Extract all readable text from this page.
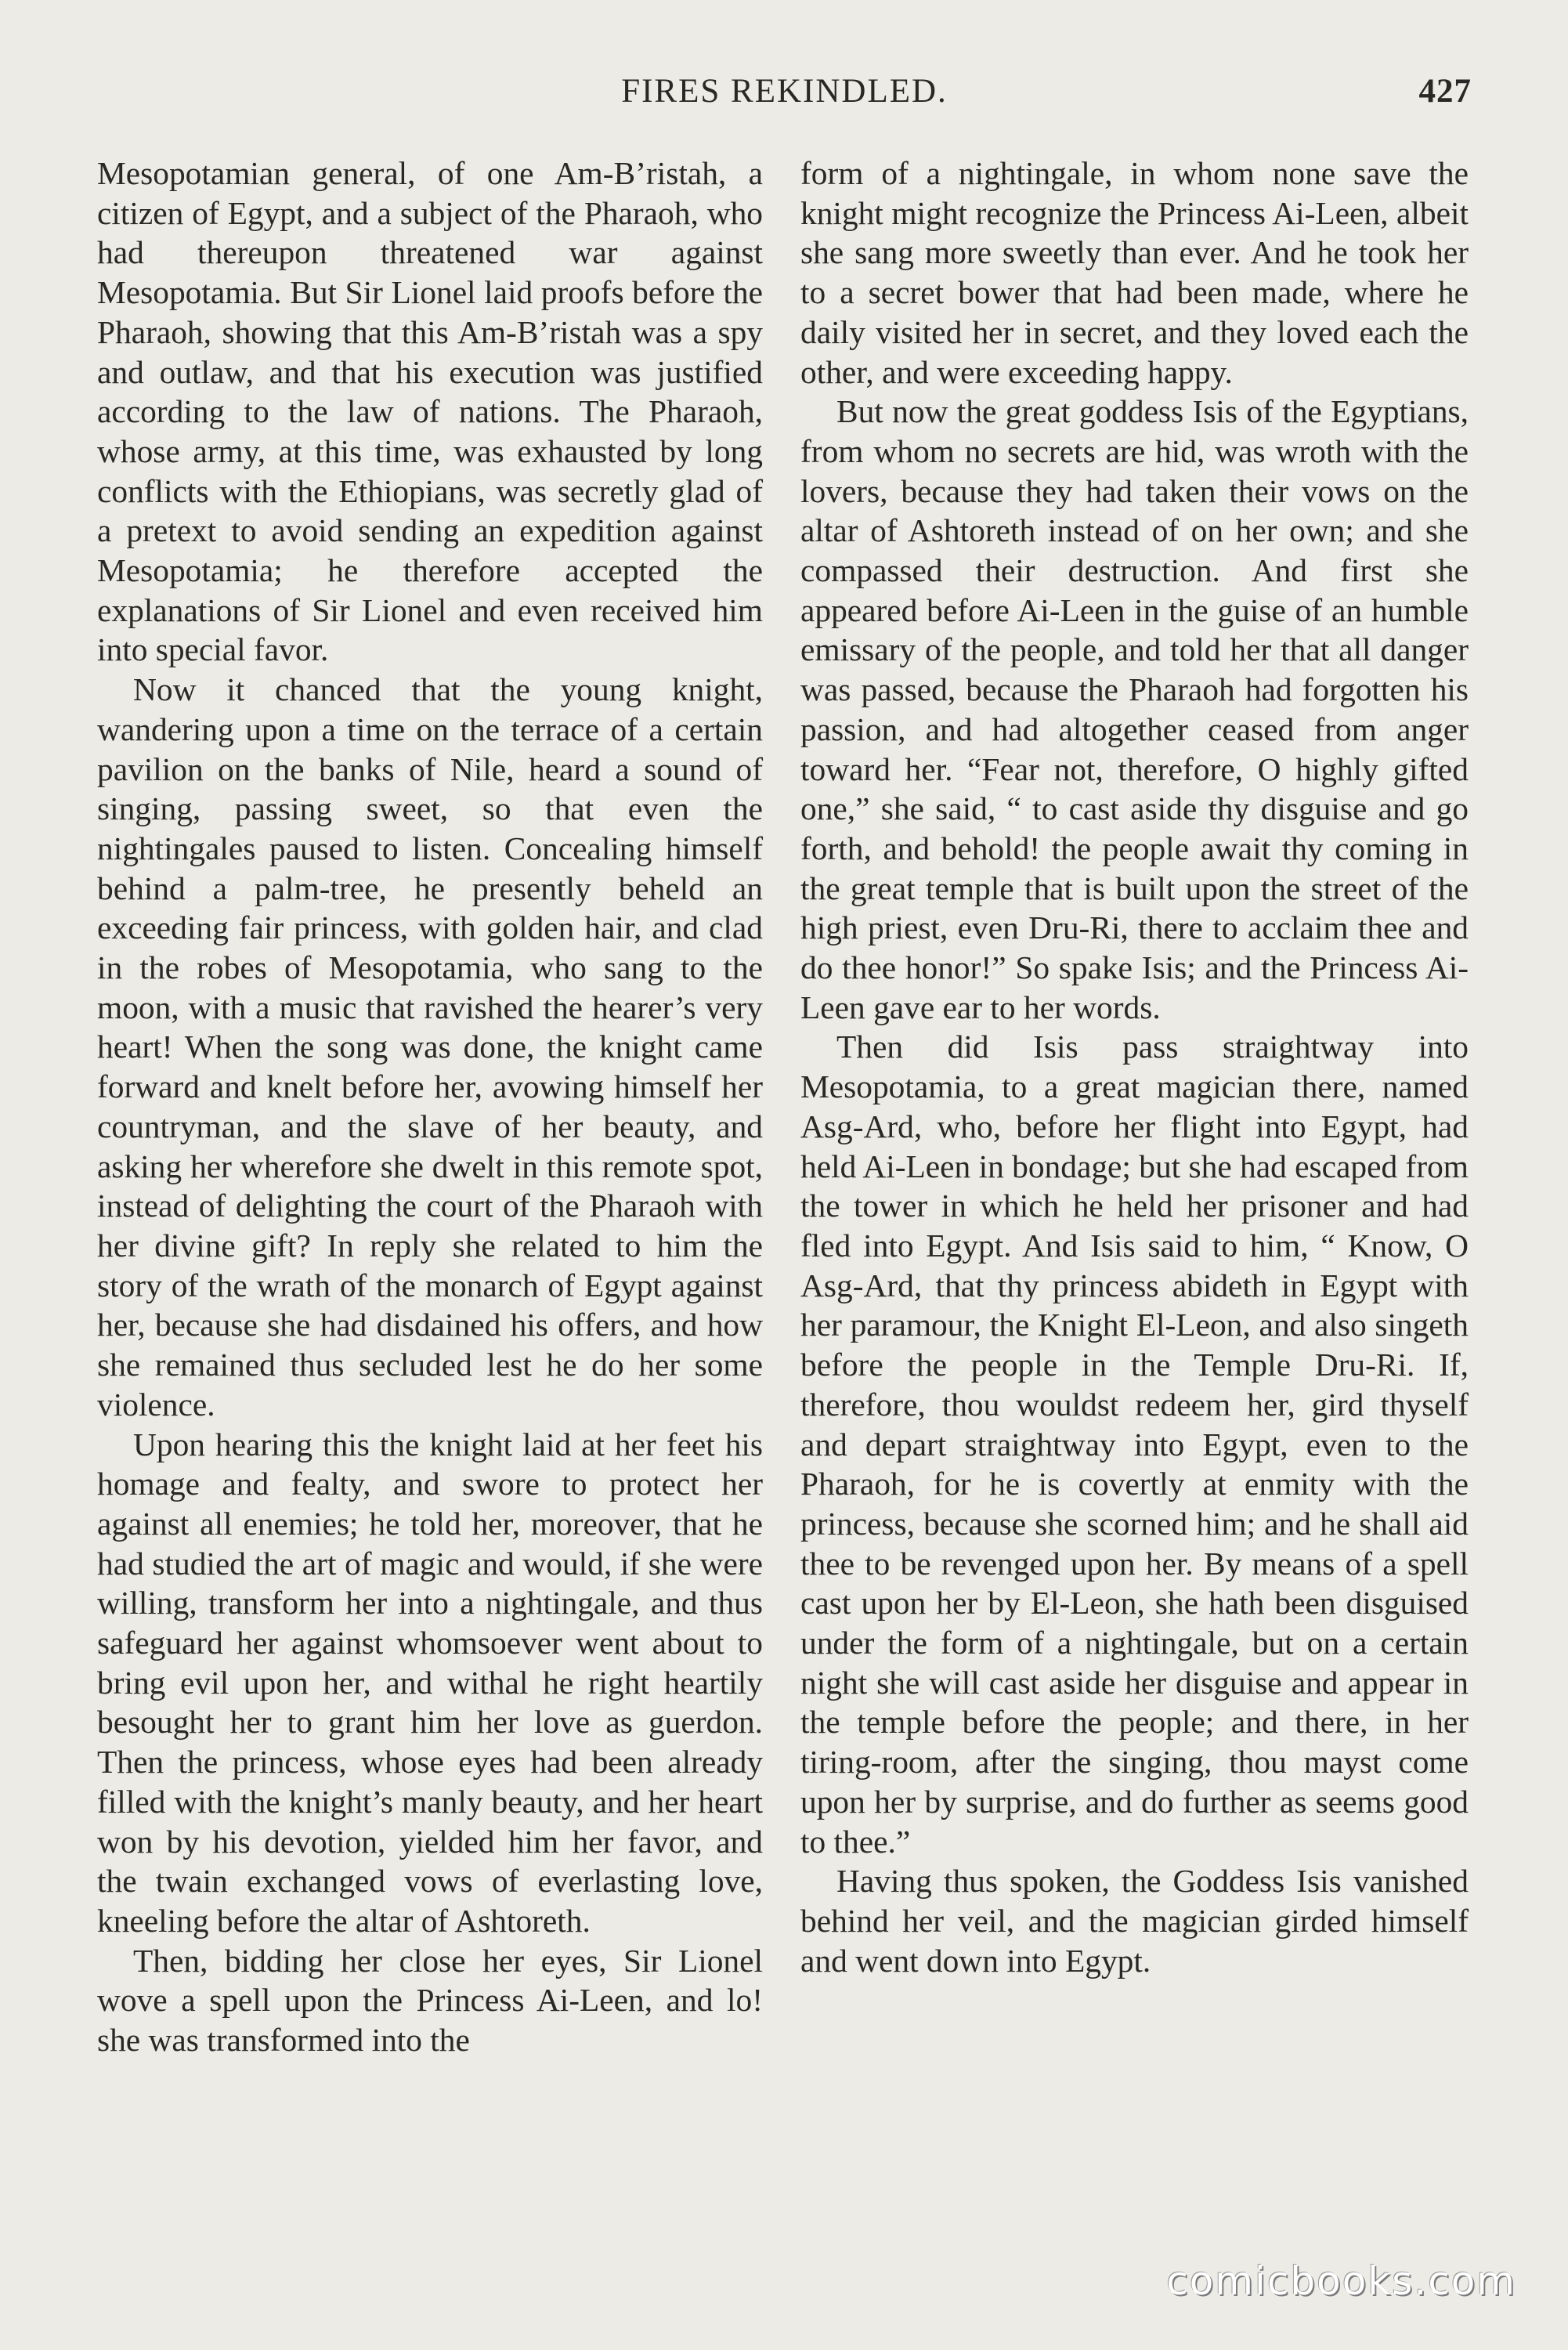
FIRES REKINDLED.	427

Mesopotamian general, of one Am-B’ristah, a citizen of Egypt, and a subject of the Pharaoh, who had thereupon threatened war against Mesopotamia. But Sir Lionel laid proofs before the Pharaoh, showing that this Am-B’ristah was a spy and outlaw, and that his execution was justified according to the law of nations. The Pharaoh, whose army, at this time, was exhausted by long conflicts with the Ethiopians, was secretly glad of a pretext to avoid sending an expedition against Mesopotamia; he therefore accepted the explanations of Sir Lionel and even received him into special favor.

Now it chanced that the young knight, wandering upon a time on the terrace of a certain pavilion on the banks of Nile, heard a sound of singing, passing sweet, so that even the nightingales paused to listen. Concealing himself behind a palm-tree, he presently beheld an exceeding fair princess, with golden hair, and clad in the robes of Mesopotamia, who sang to the moon, with a music that ravished the hearer’s very heart! When the song was done, the knight came forward and knelt before her, avowing himself her countryman, and the slave of her beauty, and asking her wherefore she dwelt in this remote spot, instead of delighting the court of the Pharaoh with her divine gift? In reply she related to him the story of the wrath of the monarch of Egypt against her, because she had disdained his offers, and how she remained thus secluded lest he do her some violence.

Upon hearing this the knight laid at her feet his homage and fealty, and swore to protect her against all enemies; he told her, moreover, that he had studied the art of magic and would, if she were willing, transform her into a nightingale, and thus safeguard her against whomsoever went about to bring evil upon her, and withal he right heartily besought her to grant him her love as guerdon. Then the princess, whose eyes had been already filled with the knight’s manly beauty, and her heart won by his devotion, yielded him her favor, and the twain exchanged vows of everlasting love, kneeling before the altar of Ashtoreth.

Then, bidding her close her eyes, Sir Lionel wove a spell upon the Princess Ai-Leen, and lo! she was transformed into the

form of a nightingale, in whom none save the knight might recognize the Princess Ai-Leen, albeit she sang more sweetly than ever. And he took her to a secret bower that had been made, where he daily visited her in secret, and they loved each the other, and were exceeding happy.

But now the great goddess Isis of the Egyptians, from whom no secrets are hid, was wroth with the lovers, because they had taken their vows on the altar of Ashtoreth instead of on her own; and she compassed their destruction. And first she appeared before Ai-Leen in the guise of an humble emissary of the people, and told her that all danger was passed, because the Pharaoh had forgotten his passion, and had altogether ceased from anger toward her. “Fear not, therefore, O highly gifted one,” she said, “ to cast aside thy disguise and go forth, and behold! the people await thy coming in the great temple that is built upon the street of the high priest, even Dru-Ri, there to acclaim thee and do thee honor!” So spake Isis; and the Princess Ai-Leen gave ear to her words.

Then did Isis pass straightway into Mesopotamia, to a great magician there, named Asg-Ard, who, before her flight into Egypt, had held Ai-Leen in bondage; but she had escaped from the tower in which he held her prisoner and had fled into Egypt. And Isis said to him, “ Know, O Asg-Ard, that thy princess abideth in Egypt with her paramour, the Knight El-Leon, and also singeth before the people in the Temple Dru-Ri. If, therefore, thou wouldst redeem her, gird thyself and depart straightway into Egypt, even to the Pharaoh, for he is covertly at enmity with the princess, because she scorned him; and he shall aid thee to be revenged upon her. By means of a spell cast upon her by El-Leon, she hath been disguised under the form of a nightingale, but on a certain night she will cast aside her disguise and appear in the temple before the people; and there, in her tiring-room, after the singing, thou mayst come upon her by surprise, and do further as seems good to thee.”

Having thus spoken, the Goddess Isis vanished behind her veil, and the magician girded himself and went down into Egypt.

comicbooks.com
